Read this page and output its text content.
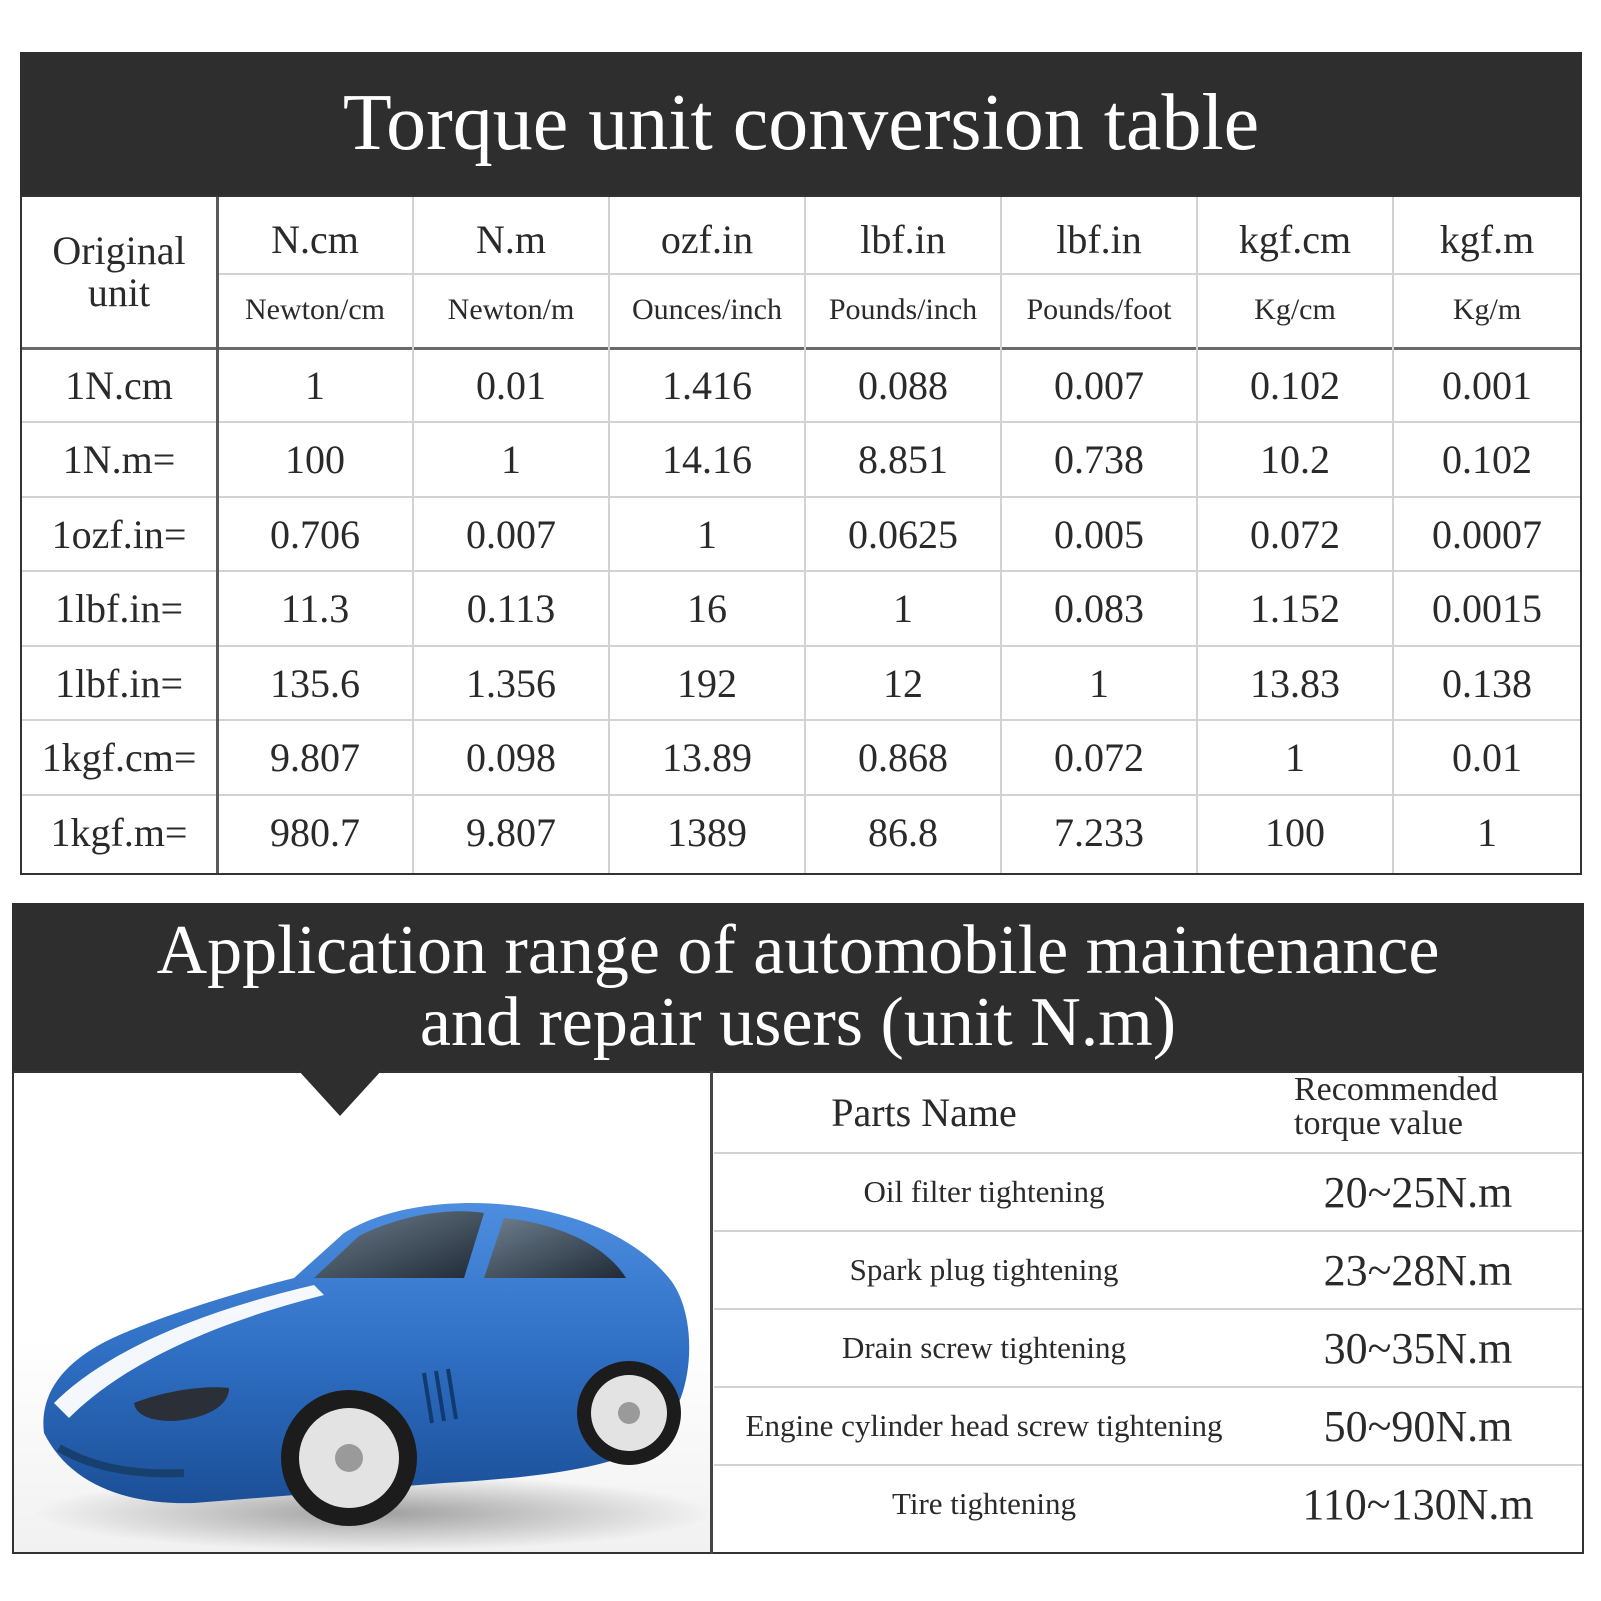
Torque unit conversion table
Original unit
N.cm	N.m	ozf.in	lbf.in	lbf.in	kgf.cm	kgf.m
Newton/cm	Newton/m	Ounces/inch	Pounds/inch	Pounds/foot	Kg/cm	Kg/m
1N.cm	1	0.01	1.416	0.088	0.007	0.102	0.001
1N.m=	100	1	14.16	8.851	0.738	10.2	0.102
1ozf.in=	0.706	0.007	1	0.0625	0.005	0.072	0.0007
1lbf.in=	11.3	0.113	16	1	0.083	1.152	0.0015
1lbf.in=	135.6	1.356	192	12	1	13.83	0.138
1kgf.cm=	9.807	0.098	13.89	0.868	0.072	1	0.01
1kgf.m=	980.7	9.807	1389	86.8	7.233	100	1
Application range of automobile maintenance
and repair users (unit N.m)
Parts Name
Recommended
torque value
Oil filter tightening	20~25N.m
Spark plug tightening	23~28N.m
Drain screw tightening	30~35N.m
Engine cylinder head screw tightening	50~90N.m
Tire tightening	110~130N.m
